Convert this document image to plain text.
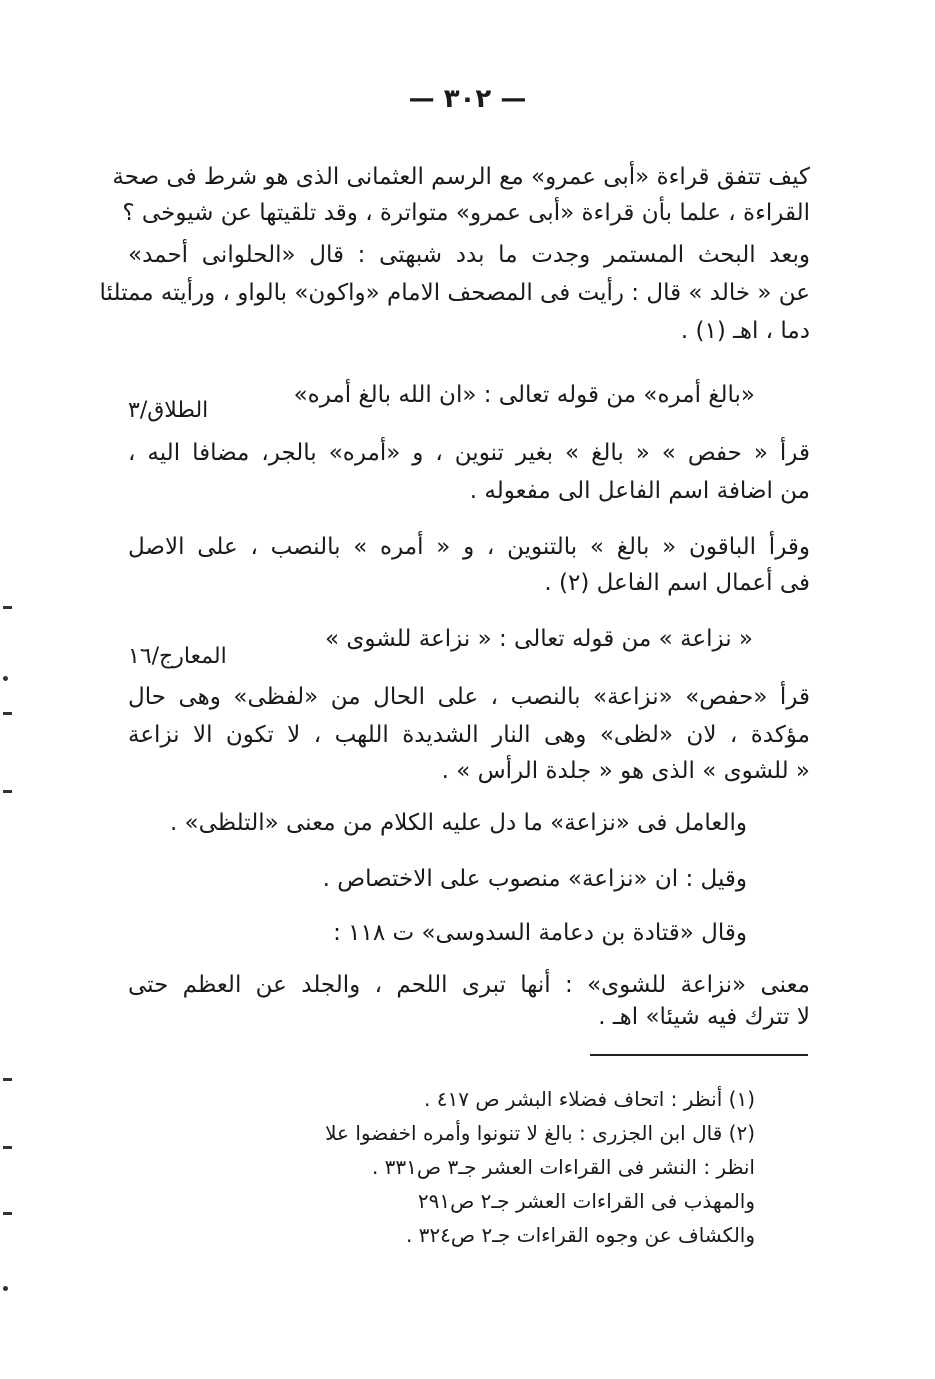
— ٣٠٢ —
كيف تتفق قراءة «أبى عمرو» مع الرسم العثمانى الذى هو شرط فى صحة
القراءة ، علما بأن قراءة «أبى عمرو» متواترة ، وقد تلقيتها عن شيوخى ؟
وبعد البحث المستمر وجدت ما بدد شبهتى : قال «الحلوانى أحمد»
عن « خالد » قال : رأيت فى المصحف الامام «واكون» بالواو ، ورأيته ممتلئا
دما ، اهـ (١) .
«بالغ أمره» من قوله تعالى : «ان الله بالغ أمره»
الطلاق/٣
قرأ « حفص » « بالغ » بغير تنوين ، و «أمره» بالجر، مضافا اليه ،
من اضافة اسم الفاعل الى مفعوله .
وقرأ الباقون « بالغ » بالتنوين ، و « أمره » بالنصب ، على الاصل
فى أعمال اسم الفاعل (٢) .
« نزاعة » من قوله تعالى : « نزاعة للشوى »
المعارج/١٦
قرأ «حفص» «نزاعة» بالنصب ، على الحال من «لفظى» وهى حال
مؤكدة ، لان «لظى» وهى النار الشديدة اللهب ، لا تكون الا نزاعة
« للشوى » الذى هو « جلدة الرأس » .
والعامل فى «نزاعة» ما دل عليه الكلام من معنى «التلظى» .
وقيل : ان «نزاعة» منصوب على الاختصاص .
وقال «قتادة بن دعامة السدوسى» ت ١١٨ :
معنى «نزاعة للشوى» : أنها تبرى اللحم ، والجلد عن العظم حتى
لا تترك فيه شيئا» اهـ .
(١) أنظر : اتحاف فضلاء البشر ص ٤١٧ .
(٢) قال ابن الجزرى : بالغ لا تنونوا وأمره اخفضوا علا
انظر : النشر فى القراءات العشر جـ٣ ص٣٣١ .
والمهذب فى القراءات العشر جـ٢ ص٢٩١
والكشاف عن وجوه القراءات جـ٢ ص٣٢٤ .
